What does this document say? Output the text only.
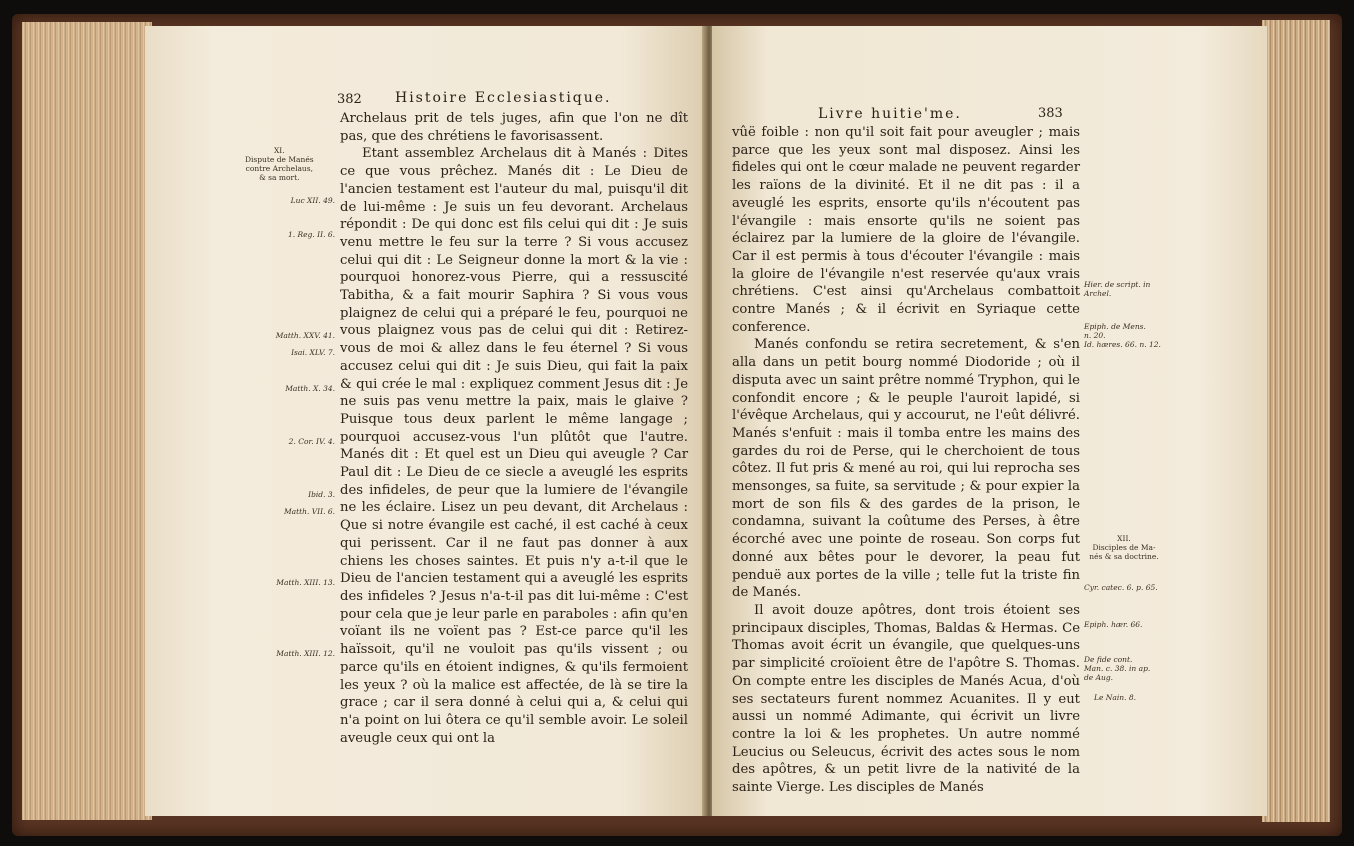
382 Histoire Ecclesiastique.
XI.
Dispute de Manés
contre Archelaus,
& sa mort.
Luc XII. 49.
1. Reg. II. 6.
Matth. XXV. 41.
Isai. XLV. 7.
Matth. X. 34.
2. Cor. IV. 4.
Ibid. 3.
Matth. VII. 6.
Matth. XIII. 13.
Matth. XIII. 12.

Archelaus prit de tels juges, afin que l'on ne dît pas, que des chrétiens le favorisassent.

Etant assemblez Archelaus dit à Manés : Dites ce que vous prêchez. Manés dit : Le Dieu de l'ancien testament est l'auteur du mal, puisqu'il dit de lui-même : Je suis un feu devorant. Archelaus répondit : De qui donc est fils celui qui dit : Je suis venu mettre le feu sur la terre ? Si vous accusez celui qui dit : Le Seigneur donne la mort & la vie : pourquoi honorez-vous Pierre, qui a ressuscité Tabitha, & a fait mourir Saphira ? Si vous vous plaignez de celui qui a préparé le feu, pourquoi ne vous plaignez vous pas de celui qui dit : Retirez-vous de moi & allez dans le feu éternel ? Si vous accusez celui qui dit : Je suis Dieu, qui fait la paix & qui crée le mal : expliquez comment Jesus dit : Je ne suis pas venu mettre la paix, mais le glaive ? Puisque tous deux parlent le même langage ; pourquoi accusez-vous l'un plûtôt que l'autre. Manés dit : Et quel est un Dieu qui aveugle ? Car Paul dit : Le Dieu de ce siecle a aveuglé les esprits des infideles, de peur que la lumiere de l'évangile ne les éclaire. Lisez un peu devant, dit Archelaus : Que si notre évangile est caché, il est caché à ceux qui perissent. Car il ne faut pas donner à aux chiens les choses saintes. Et puis n'y a-t-il que le Dieu de l'ancien testament qui a aveuglé les esprits des infideles ? Jesus n'a-t-il pas dit lui-même : C'est pour cela que je leur parle en paraboles : afin qu'en voïant ils ne voïent pas ? Est-ce parce qu'il les haïssoit, qu'il ne vouloit pas qu'ils vissent ; ou parce qu'ils en étoient indignes, & qu'ils fermoient les yeux ? où la malice est affectée, de là se tire la grace ; car il sera donné à celui qui a, & celui qui n'a point on lui ôtera ce qu'il semble avoir. Le soleil aveugle ceux qui ont la

Livre huitie'me.	383

vûë foible : non qu'il soit fait pour aveugler ; mais parce que les yeux sont mal disposez. Ainsi les fideles qui ont le cœur malade ne peuvent regarder les raïons de la divinité. Et il ne dit pas : il a aveuglé les esprits, ensorte qu'ils n'écoutent pas l'évangile : mais ensorte qu'ils ne soient pas éclairez par la lumiere de la gloire de l'évangile. Car il est permis à tous d'écouter l'évangile : mais la gloire de l'évangile n'est reservée qu'aux vrais chrétiens. C'est ainsi qu'Archelaus combattoit contre Manés ; & il écrivit en Syriaque cette conference.

Manés confondu se retira secretement, & s'en alla dans un petit bourg nommé Diodoride ; où il disputa avec un saint prêtre nommé Tryphon, qui le confondit encore ; & le peuple l'auroit lapidé, si l'évêque Archelaus, qui y accourut, ne l'eût délivré. Manés s'enfuit : mais il tomba entre les mains des gardes du roi de Perse, qui le cherchoient de tous côtez. Il fut pris & mené au roi, qui lui reprocha ses mensonges, sa fuite, sa servitude ; & pour expier la mort de son fils & des gardes de la prison, le condamna, suivant la coûtume des Perses, à être écorché avec une pointe de roseau. Son corps fut donné aux bêtes pour le devorer, la peau fut penduë aux portes de la ville ; telle fut la triste fin de Manés.

Il avoit douze apôtres, dont trois étoient ses principaux disciples, Thomas, Baldas & Hermas. Ce Thomas avoit écrit un évangile, que quelques-uns par simplicité croïoient être de l'apôtre S. Thomas. On compte entre les disciples de Manés Acua, d'où ses sectateurs furent nommez Acuanites. Il y eut aussi un nommé Adimante, qui écrivit un livre contre la loi & les prophetes. Un autre nommé Leucius ou Seleucus, écrivit des actes sous le nom des apôtres, & un petit livre de la nativité de la sainte Vierge. Les disciples de Manés

Hier. de script. in
Archel.
Epiph. de Mens.
n. 20.
Id. hæres. 66. n. 12.
XII.
Disciples de Ma-
nés & sa doctrine.
Cyr. catec. 6. p. 65.
Epiph. hær. 66.
De fide cont.
Man. c. 38. in ap.
de Aug.
Le Nain. 8.
